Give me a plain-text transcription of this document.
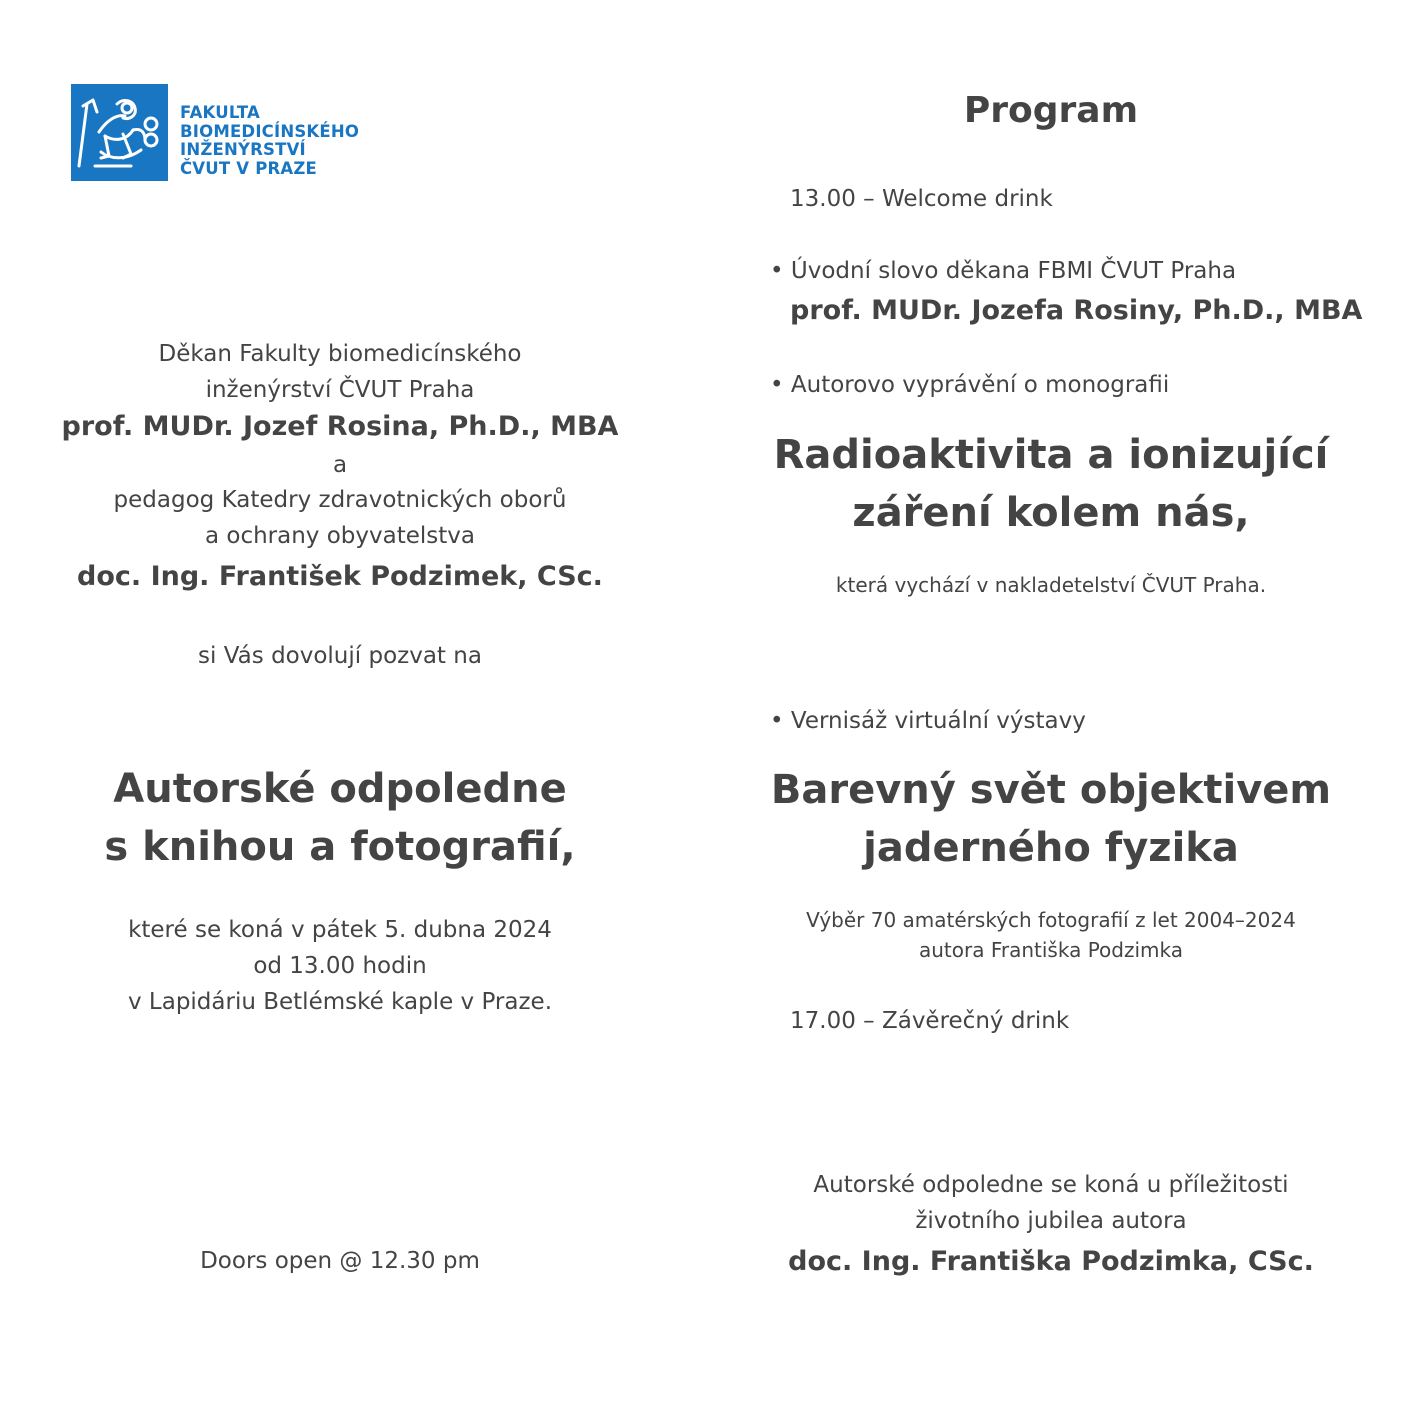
FAKULTA
BIOMEDICÍNSKÉHO
INŽENÝRSTVÍ
ČVUT V PRAZE
Děkan Fakulty biomedicínského
inženýrství ČVUT Praha
prof. MUDr. Jozef Rosina, Ph.D., MBA
a
pedagog Katedry zdravotnických oborů
a ochrany obyvatelstva
doc. Ing. František Podzimek, CSc.
si Vás dovolují pozvat na
Autorské odpoledne
s knihou a fotografií,
které se koná v pátek 5. dubna 2024
od 13.00 hodin
v Lapidáriu Betlémské kaple v Praze.
Doors open @ 12.30 pm
Program
13.00 – Welcome drink
• Úvodní slovo děkana FBMI ČVUT Praha
prof. MUDr. Jozefa Rosiny, Ph.D., MBA
• Autorovo vyprávění o monografii
Radioaktivita a ionizující
záření kolem nás,
která vychází v nakladetelství ČVUT Praha.
• Vernisáž virtuální výstavy
Barevný svět objektivem
jaderného fyzika
Výběr 70 amatérských fotografií z let 2004–2024
autora Františka Podzimka
17.00 – Závěrečný drink
Autorské odpoledne se koná u příležitosti
životního jubilea autora
doc. Ing. Františka Podzimka, CSc.
